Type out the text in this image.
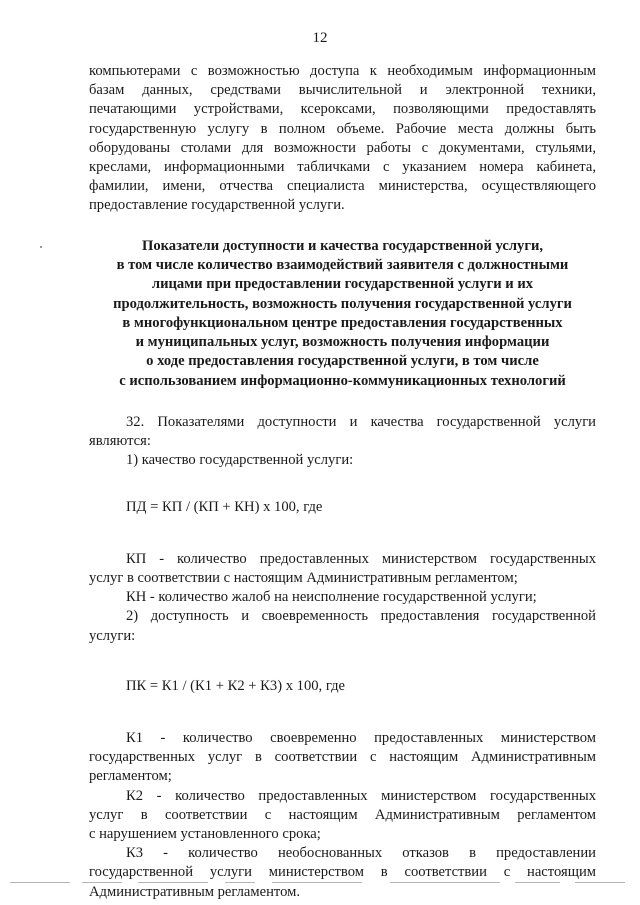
12
компьютерами с возможностью доступа к необходимым информационным
базам данных, средствами вычислительной и электронной техники,
печатающими устройствами, ксероксами, позволяющими предоставлять
государственную услугу в полном объеме. Рабочие места должны быть
оборудованы столами для возможности работы с документами, стульями,
креслами, информационными табличками с указанием номера кабинета,
фамилии, имени, отчества специалиста министерства, осуществляющего
предоставление государственной услуги.
Показатели доступности и качества государственной услуги,
в том числе количество взаимодействий заявителя с должностными
лицами при предоставлении государственной услуги и их
продолжительность, возможность получения государственной услуги
в многофункциональном центре предоставления государственных
и муниципальных услуг, возможность получения информации
о ходе предоставления государственной услуги, в том числе
с использованием информационно-коммуникационных технологий
32. Показателями доступности и качества государственной услуги
являются:

1) качество государственной услуги:

ПД = КП / (КП + КН) х 100, где

КП - количество предоставленных министерством государственных
услуг в соответствии с настоящим Административным регламентом;

КН - количество жалоб на неисполнение государственной услуги;

2) доступность и своевременность предоставления государственной
услуги:

ПК = К1 / (К1 + К2 + К3) х 100, где

К1 - количество своевременно предоставленных министерством
государственных услуг в соответствии с настоящим Административным
регламентом;
К2 - количество предоставленных министерством государственных
услуг в соответствии с настоящим Административным регламентом
с нарушением установленного срока;
К3 - количество необоснованных отказов в предоставлении
государственной услуги министерством в соответствии с настоящим
Административным регламентом.
